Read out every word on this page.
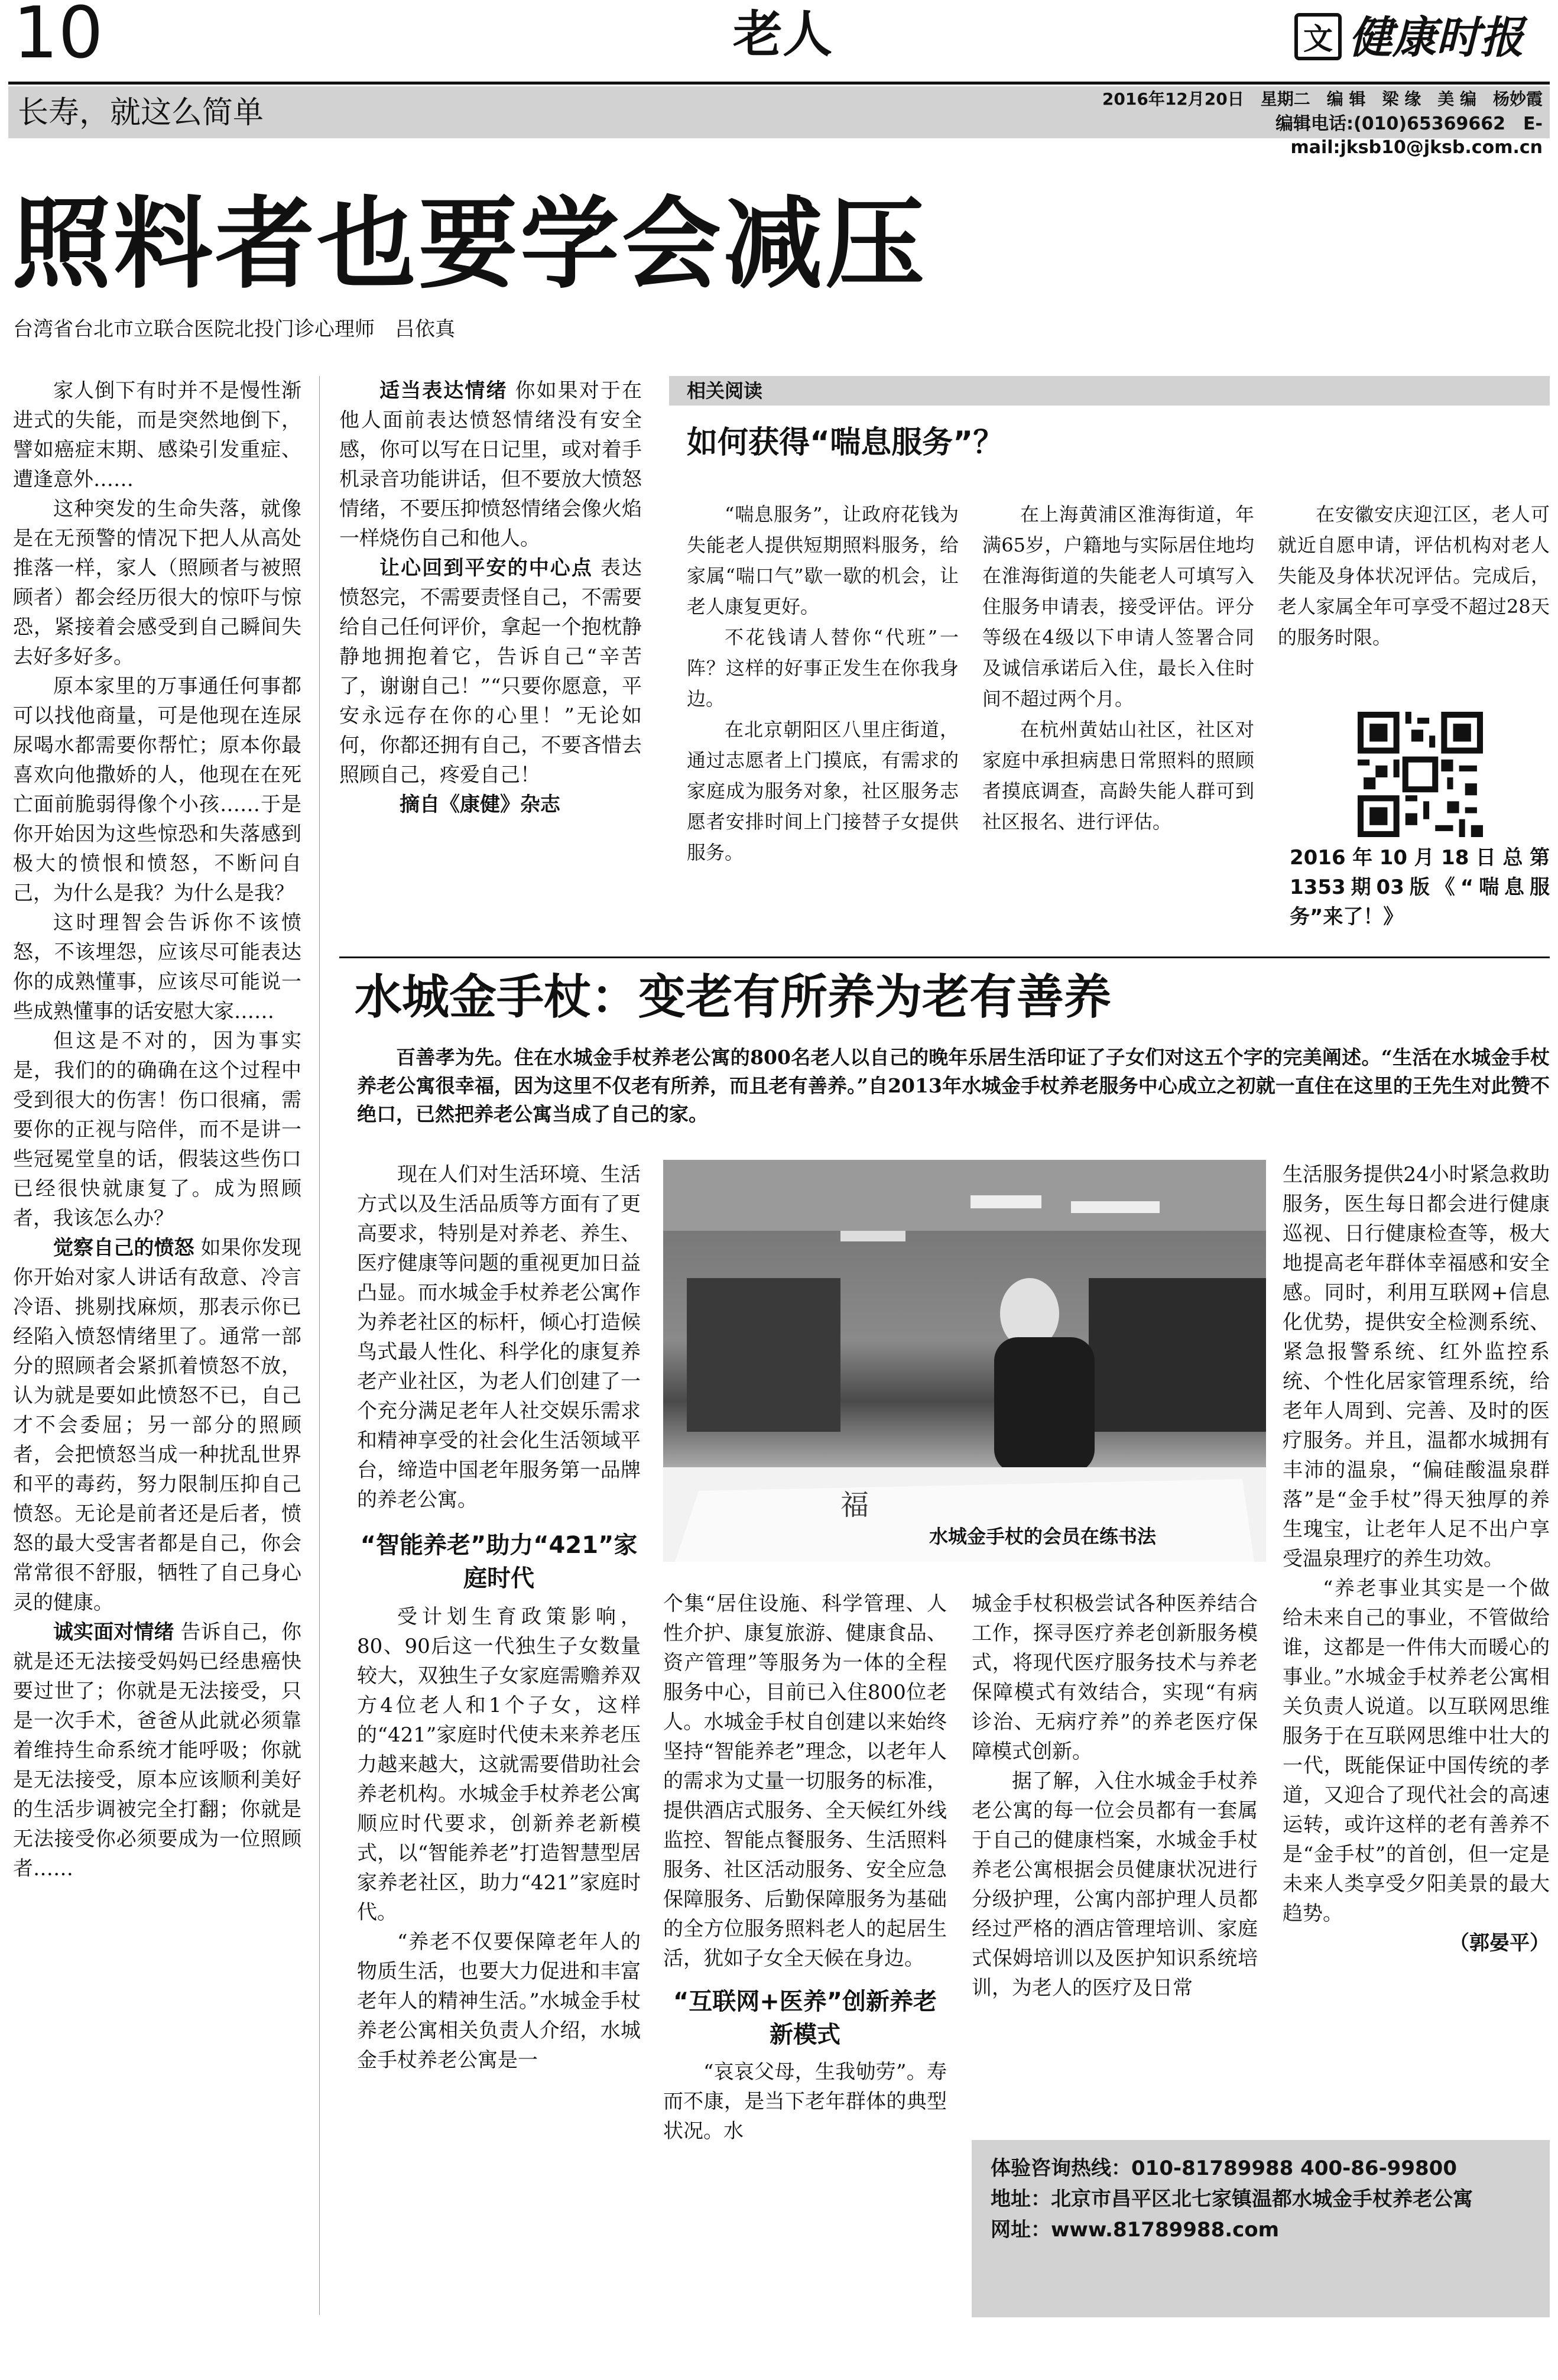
10	老人	文 健康时报
长寿，就这么简单	2016年12月20日　星期二　编 辑　梁 缘　美 编　杨妙霞
编辑电话:(010)65369662　E-mail:jksb10@jksb.com.cn
照料者也要学会减压
台湾省台北市立联合医院北投门诊心理师　吕依真

家人倒下有时并不是慢性渐进式的失能，而是突然地倒下，譬如癌症末期、感染引发重症、遭逢意外……

这种突发的生命失落，就像是在无预警的情况下把人从高处推落一样，家人（照顾者与被照顾者）都会经历很大的惊吓与惊恐，紧接着会感受到自己瞬间失去好多好多。

原本家里的万事通任何事都可以找他商量，可是他现在连尿尿喝水都需要你帮忙；原本你最喜欢向他撒娇的人，他现在在死亡面前脆弱得像个小孩……于是你开始因为这些惊恐和失落感到极大的愤恨和愤怒，不断问自己，为什么是我？为什么是我？

这时理智会告诉你不该愤怒，不该埋怨，应该尽可能表达你的成熟懂事，应该尽可能说一些成熟懂事的话安慰大家……

但这是不对的，因为事实是，我们的的确确在这个过程中受到很大的伤害！伤口很痛，需要你的正视与陪伴，而不是讲一些冠冕堂皇的话，假装这些伤口已经很快就康复了。成为照顾者，我该怎么办？

觉察自己的愤怒 如果你发现你开始对家人讲话有敌意、冷言冷语、挑剔找麻烦，那表示你已经陷入愤怒情绪里了。通常一部分的照顾者会紧抓着愤怒不放，认为就是要如此愤怒不已，自己才不会委屈；另一部分的照顾者，会把愤怒当成一种扰乱世界和平的毒药，努力限制压抑自己愤怒。无论是前者还是后者，愤怒的最大受害者都是自己，你会常常很不舒服，牺牲了自己身心灵的健康。

诚实面对情绪 告诉自己，你就是还无法接受妈妈已经患癌快要过世了；你就是无法接受，只是一次手术，爸爸从此就必须靠着维持生命系统才能呼吸；你就是无法接受，原本应该顺利美好的生活步调被完全打翻；你就是无法接受你必须要成为一位照顾者……

适当表达情绪 你如果对于在他人面前表达愤怒情绪没有安全感，你可以写在日记里，或对着手机录音功能讲话，但不要放大愤怒情绪，不要压抑愤怒情绪会像火焰一样烧伤自己和他人。

让心回到平安的中心点 表达愤怒完，不需要责怪自己，不需要给自己任何评价，拿起一个抱枕静静地拥抱着它，告诉自己“辛苦了，谢谢自己！”“只要你愿意，平安永远存在你的心里！”无论如何，你都还拥有自己，不要吝惜去照顾自己，疼爱自己！

摘自《康健》杂志

相关阅读
如何获得“喘息服务”？

“喘息服务”，让政府花钱为失能老人提供短期照料服务，给家属“喘口气”歇一歇的机会，让老人康复更好。

不花钱请人替你“代班”一阵？这样的好事正发生在你我身边。

在北京朝阳区八里庄街道，通过志愿者上门摸底，有需求的家庭成为服务对象，社区服务志愿者安排时间上门接替子女提供服务。

在上海黄浦区淮海街道，年满65岁，户籍地与实际居住地均在淮海街道的失能老人可填写入住服务申请表，接受评估。评分等级在4级以下申请人签署合同及诚信承诺后入住，最长入住时间不超过两个月。

在杭州黄姑山社区，社区对家庭中承担病患日常照料的照顾者摸底调查，高龄失能人群可到社区报名、进行评估。

在安徽安庆迎江区，老人可就近自愿申请，评估机构对老人失能及身体状况评估。完成后，老人家属全年可享受不超过28天的服务时限。

2016年10月18日总第1353期03版《“喘息服务”来了！》
水城金手杖：变老有所养为老有善养
百善孝为先。住在水城金手杖养老公寓的800名老人以自己的晚年乐居生活印证了子女们对这五个字的完美阐述。“生活在水城金手杖养老公寓很幸福，因为这里不仅老有所养，而且老有善养。”自2013年水城金手杖养老服务中心成立之初就一直住在这里的王先生对此赞不绝口，已然把养老公寓当成了自己的家。
福
水城金手杖的会员在练书法

现在人们对生活环境、生活方式以及生活品质等方面有了更高要求，特别是对养老、养生、医疗健康等问题的重视更加日益凸显。而水城金手杖养老公寓作为养老社区的标杆，倾心打造候鸟式最人性化、科学化的康复养老产业社区，为老人们创建了一个充分满足老年人社交娱乐需求和精神享受的社会化生活领域平台，缔造中国老年服务第一品牌的养老公寓。

“智能养老”助力“421”家庭时代

受计划生育政策影响，80、90后这一代独生子女数量较大，双独生子女家庭需赡养双方4位老人和1个子女，这样的“421”家庭时代使未来养老压力越来越大，这就需要借助社会养老机构。水城金手杖养老公寓顺应时代要求，创新养老新模式，以“智能养老”打造智慧型居家养老社区，助力“421”家庭时代。

“养老不仅要保障老年人的物质生活，也要大力促进和丰富老年人的精神生活。”水城金手杖养老公寓相关负责人介绍，水城金手杖养老公寓是一

个集“居住设施、科学管理、人性介护、康复旅游、健康食品、资产管理”等服务为一体的全程服务中心，目前已入住800位老人。水城金手杖自创建以来始终坚持“智能养老”理念，以老年人的需求为丈量一切服务的标准，提供酒店式服务、全天候红外线监控、智能点餐服务、生活照料服务、社区活动服务、安全应急保障服务、后勤保障服务为基础的全方位服务照料老人的起居生活，犹如子女全天候在身边。

“互联网+医养”创新养老新模式

“哀哀父母，生我劬劳”。寿而不康，是当下老年群体的典型状况。水

城金手杖积极尝试各种医养结合工作，探寻医疗养老创新服务模式，将现代医疗服务技术与养老保障模式有效结合，实现“有病诊治、无病疗养”的养老医疗保障模式创新。

据了解，入住水城金手杖养老公寓的每一位会员都有一套属于自己的健康档案，水城金手杖养老公寓根据会员健康状况进行分级护理，公寓内部护理人员都经过严格的酒店管理培训、家庭式保姆培训以及医护知识系统培训，为老人的医疗及日常

生活服务提供24小时紧急救助服务，医生每日都会进行健康巡视、日行健康检查等，极大地提高老年群体幸福感和安全感。同时，利用互联网+信息化优势，提供安全检测系统、紧急报警系统、红外监控系统、个性化居家管理系统，给老年人周到、完善、及时的医疗服务。并且，温都水城拥有丰沛的温泉，“偏硅酸温泉群落”是“金手杖”得天独厚的养生瑰宝，让老年人足不出户享受温泉理疗的养生功效。

“养老事业其实是一个做给未来自己的事业，不管做给谁，这都是一件伟大而暖心的事业。”水城金手杖养老公寓相关负责人说道。以互联网思维服务于在互联网思维中壮大的一代，既能保证中国传统的孝道，又迎合了现代社会的高速运转，或许这样的老有善养不是“金手杖”的首创，但一定是未来人类享受夕阳美景的最大趋势。

（郭晏平）

体验咨询热线：010-81789988 400-86-99800
地址：北京市昌平区北七家镇温都水城金手杖养老公寓
网址：www.81789988.com
